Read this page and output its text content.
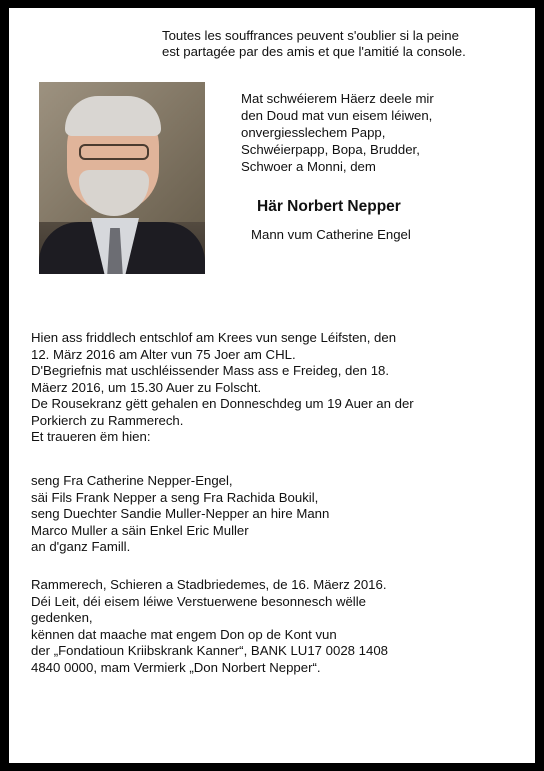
Toutes les souffrances peuvent s'oublier si la peine
est partagée par des amis et que l'amitié la console.
Mat schwéierem Häerz deele mir
den Doud mat vun eisem léiwen,
onvergiesslechem Papp,
Schwéierpapp, Bopa, Brudder,
Schwoer a Monni, dem
Här Norbert Nepper
Mann vum Catherine Engel
Hien ass friddlech entschlof am Krees vun senge Léifsten, den
12. März 2016 am Alter vun 75 Joer am CHL.
D'Begriefnis mat uschléissender Mass ass e Freideg, den 18.
Mäerz 2016, um 15.30 Auer zu Folscht.
De Rousekranz gëtt gehalen en Donneschdeg um 19 Auer an der
Porkierch zu Rammerech.
Et traueren ëm hien:
seng Fra Catherine Nepper-Engel,
säi Fils Frank Nepper a seng Fra Rachida Boukil,
seng Duechter Sandie Muller-Nepper an hire Mann
Marco Muller a säin Enkel Eric Muller
an d'ganz Famill.
Rammerech, Schieren a Stadbriedemes, de 16. Mäerz 2016.
Déi Leit, déi eisem léiwe Verstuerwene besonnesch wëlle
gedenken,
kënnen dat maache mat engem Don op de Kont vun
der „Fondatioun Kriibskrank Kanner“, BANK LU17 0028 1408
4840 0000, mam Vermierk „Don Norbert Nepper“.
